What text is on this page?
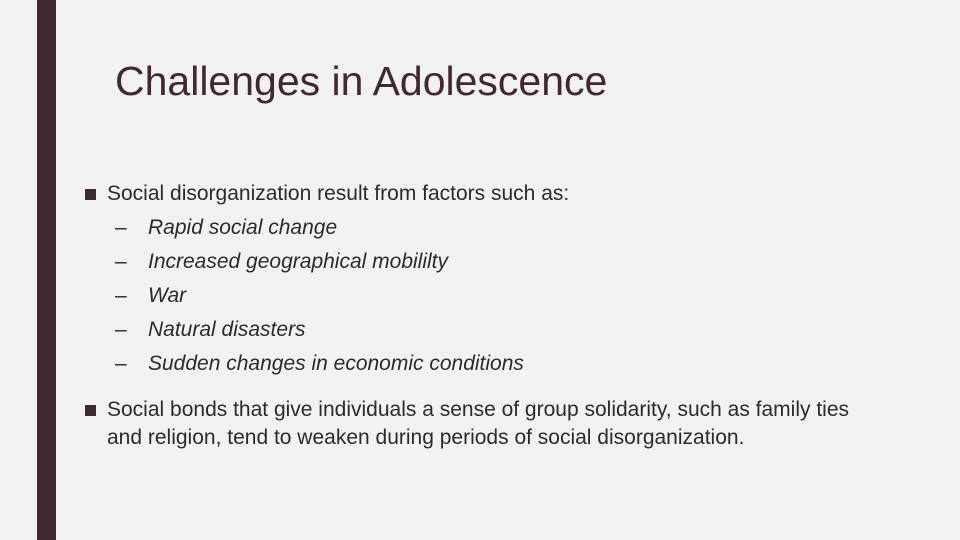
Challenges in Adolescence
Social disorganization result from factors such as:
– Rapid social change
– Increased geographical mobililty
– War
– Natural disasters
– Sudden changes in economic conditions
Social bonds that give individuals a sense of group solidarity, such as family ties and religion, tend to weaken during periods of social disorganization.
